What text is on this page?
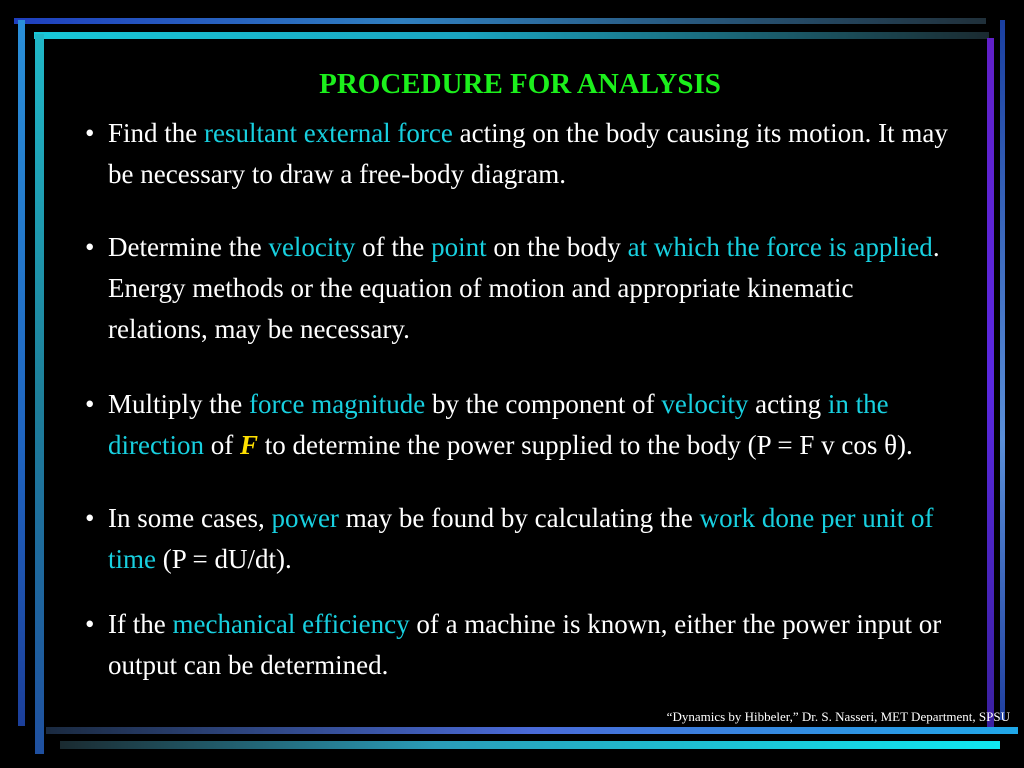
PROCEDURE FOR ANALYSIS
• Find the resultant external force acting on the body causing its motion. It may be necessary to draw a free-body diagram.
• Determine the velocity of the point on the body at which the force is applied. Energy methods or the equation of motion and appropriate kinematic relations, may be necessary.
• Multiply the force magnitude by the component of velocity acting in the direction of F to determine the power supplied to the body (P = F v cos θ).
• In some cases, power may be found by calculating the work done per unit of time (P = dU/dt).
• If the mechanical efficiency of a machine is known, either the power input or output can be determined.
“Dynamics by Hibbeler,” Dr. S. Nasseri, MET Department, SPSU
